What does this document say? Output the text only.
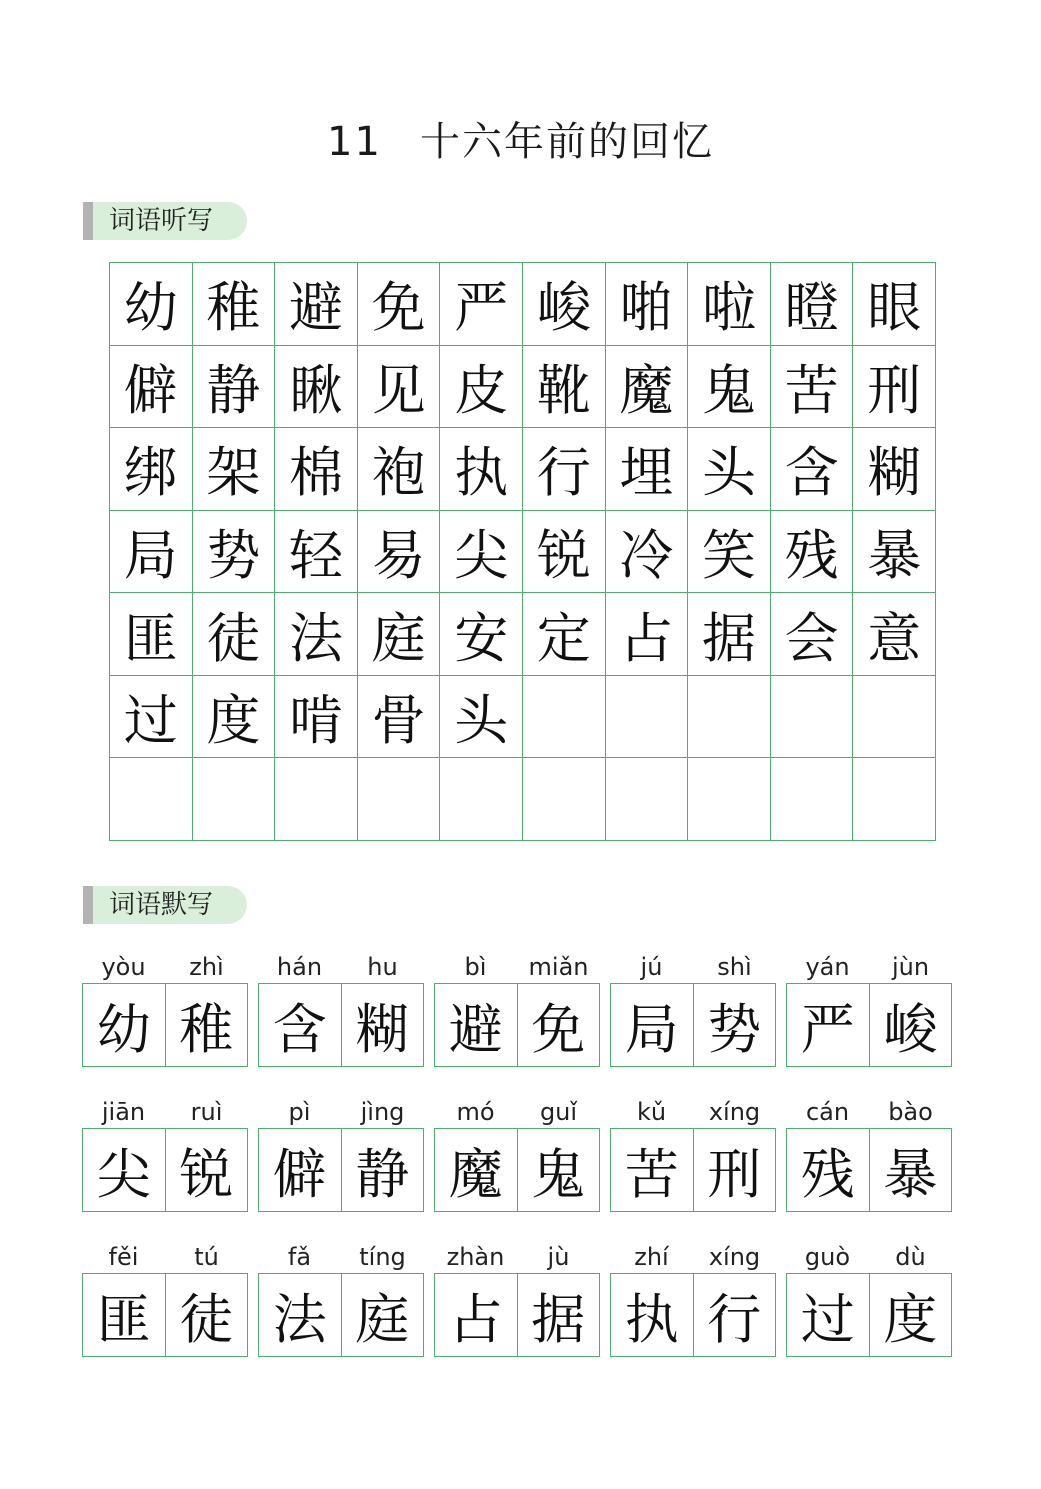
11 十六年前的回忆
词语听写
幼 稚 避 免 严 峻 啪 啦 瞪 眼
僻 静 瞅 见 皮 靴 魔 鬼 苦 刑
绑 架 棉 袍 执 行 埋 头 含 糊
局 势 轻 易 尖 锐 冷 笑 残 暴
匪 徒 法 庭 安 定 占 据 会 意
过 度 啃 骨 头
词语默写
yòu	zhì
幼 稚
hán	hu
含 糊
bì	miǎn
避 免
jú	shì
局 势
yán	jùn
严 峻
jiān	ruì
尖 锐
pì	jìng
僻 静
mó	guǐ
魔 鬼
kǔ	xíng
苦 刑
cán	bào
残 暴
fěi	tú
匪 徒
fǎ	tíng
法 庭
zhàn	jù
占 据
zhí	xíng
执 行
guò	dù
过 度
